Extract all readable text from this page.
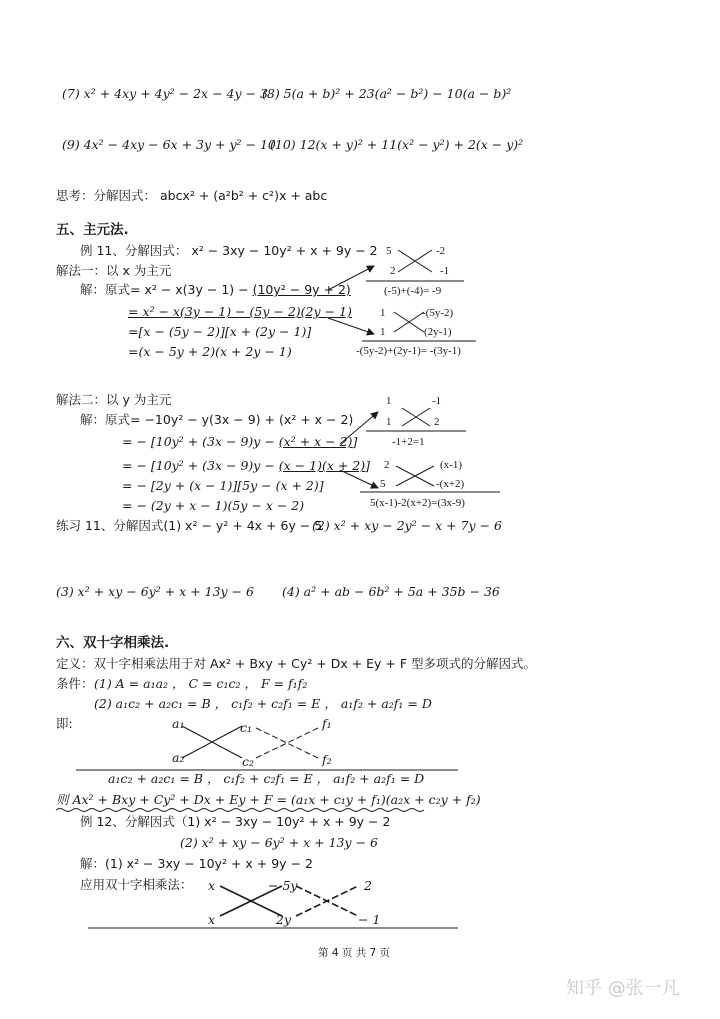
(7) x² + 4xy + 4y² − 2x − 4y − 3
(8) 5(a + b)² + 23(a² − b²) − 10(a − b)²
(9) 4x² − 4xy − 6x + 3y + y² − 10
(10) 12(x + y)² + 11(x² − y²) + 2(x − y)²
思考：分解因式： abcx² + (a²b² + c²)x + abc
五、主元法.
例 11、分解因式： x² − 3xy − 10y² + x + 9y − 2
解法一：以 x 为主元
解：原式= x² − x(3y − 1) − (10y² − 9y + 2)
= x² − x(3y − 1) − (5y − 2)(2y − 1)
=[x − (5y − 2)][x + (2y − 1)]
=(x − 5y + 2)(x + 2y − 1)
5	-2
2	-1
(-5)+(-4)= -9
1	-(5y-2)
1	(2y-1)
-(5y-2)+(2y-1)= -(3y-1)
解法二：以 y 为主元
解：原式= −10y² − y(3x − 9) + (x² + x − 2)
= − [10y² + (3x − 9)y − (x² + x − 2)]
= − [10y² + (3x − 9)y − (x − 1)(x + 2)]
= − [2y + (x − 1)][5y − (x + 2)]
= − (2y + x − 1)(5y − x − 2)
1	-1
1	2
-1+2=1
2	(x-1)
5	-(x+2)
5(x-1)-2(x+2)=(3x-9)
练习 11、分解因式(1) x² − y² + 4x + 6y − 5
(2) x² + xy − 2y² − x + 7y − 6
(3) x² + xy − 6y² + x + 13y − 6 (4) a² + ab − 6b² + 5a + 35b − 36
六、双十字相乘法.
定义：双十字相乘法用于对 Ax² + Bxy + Cy² + Dx + Ey + F 型多项式的分解因式。
条件： (1) A = a₁a₂ ， C = c₁c₂ ， F = f₁f₂
(2) a₁c₂ + a₂c₁ = B ， c₁f₂ + c₂f₁ = E ， a₁f₂ + a₂f₁ = D
即:	a₁	c₁	f₁
a₂	c₂	f₂
a₁c₂ + a₂c₁ = B ， c₁f₂ + c₂f₁ = E ， a₁f₂ + a₂f₁ = D
则 Ax² + Bxy + Cy² + Dx + Ey + F = (a₁x + c₁y + f₁)(a₂x + c₂y + f₂)
例 12、分解因式（1) x² − 3xy − 10y² + x + 9y − 2
(2) x² + xy − 6y² + x + 13y − 6
解：(1) x² − 3xy − 10y² + x + 9y − 2
应用双十字相乘法： x	− 5y	2
x	2y	− 1
第 4 页 共 7 页
知乎 @张一凡
